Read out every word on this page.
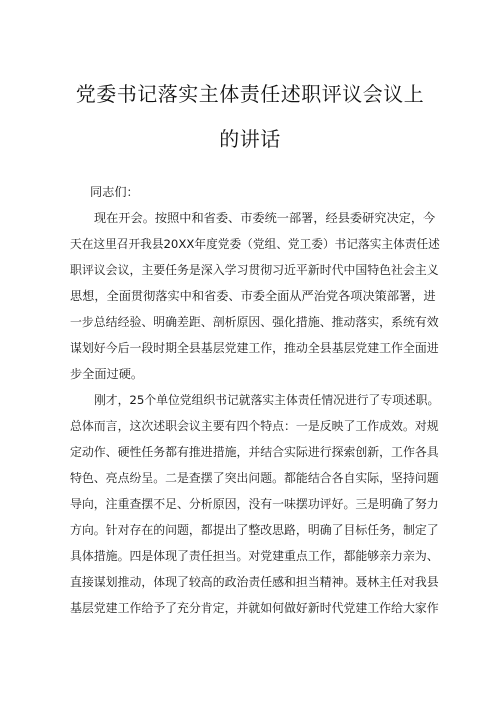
党委书记落实主体责任述职评议会议上
的讲话
同志们：
现在开会。按照中和省委、市委统一部署，经县委研究决定，今
天在这里召开我县20XX年度党委（党组、党工委）书记落实主体责任述
职评议会议，主要任务是深入学习贯彻习近平新时代中国特色社会主义
思想，全面贯彻落实中和省委、市委全面从严治党各项决策部署，进
一步总结经验、明确差距、剖析原因、强化措施、推动落实，系统有效
谋划好今后一段时期全县基层党建工作，推动全县基层党建工作全面进
步全面过硬。
刚才，25个单位党组织书记就落实主体责任情况进行了专项述职。
总体而言，这次述职会议主要有四个特点：一是反映了工作成效。对规
定动作、硬性任务都有推进措施，并结合实际进行探索创新，工作各具
特色、亮点纷呈。二是查摆了突出问题。都能结合各自实际，坚持问题
导向，注重查摆不足、分析原因，没有一味摆功评好。三是明确了努力
方向。针对存在的问题，都提出了整改思路，明确了目标任务，制定了
具体措施。四是体现了责任担当。对党建重点工作，都能够亲力亲为、
直接谋划推动，体现了较高的政治责任感和担当精神。聂林主任对我县
基层党建工作给予了充分肯定，并就如何做好新时代党建工作给大家作
